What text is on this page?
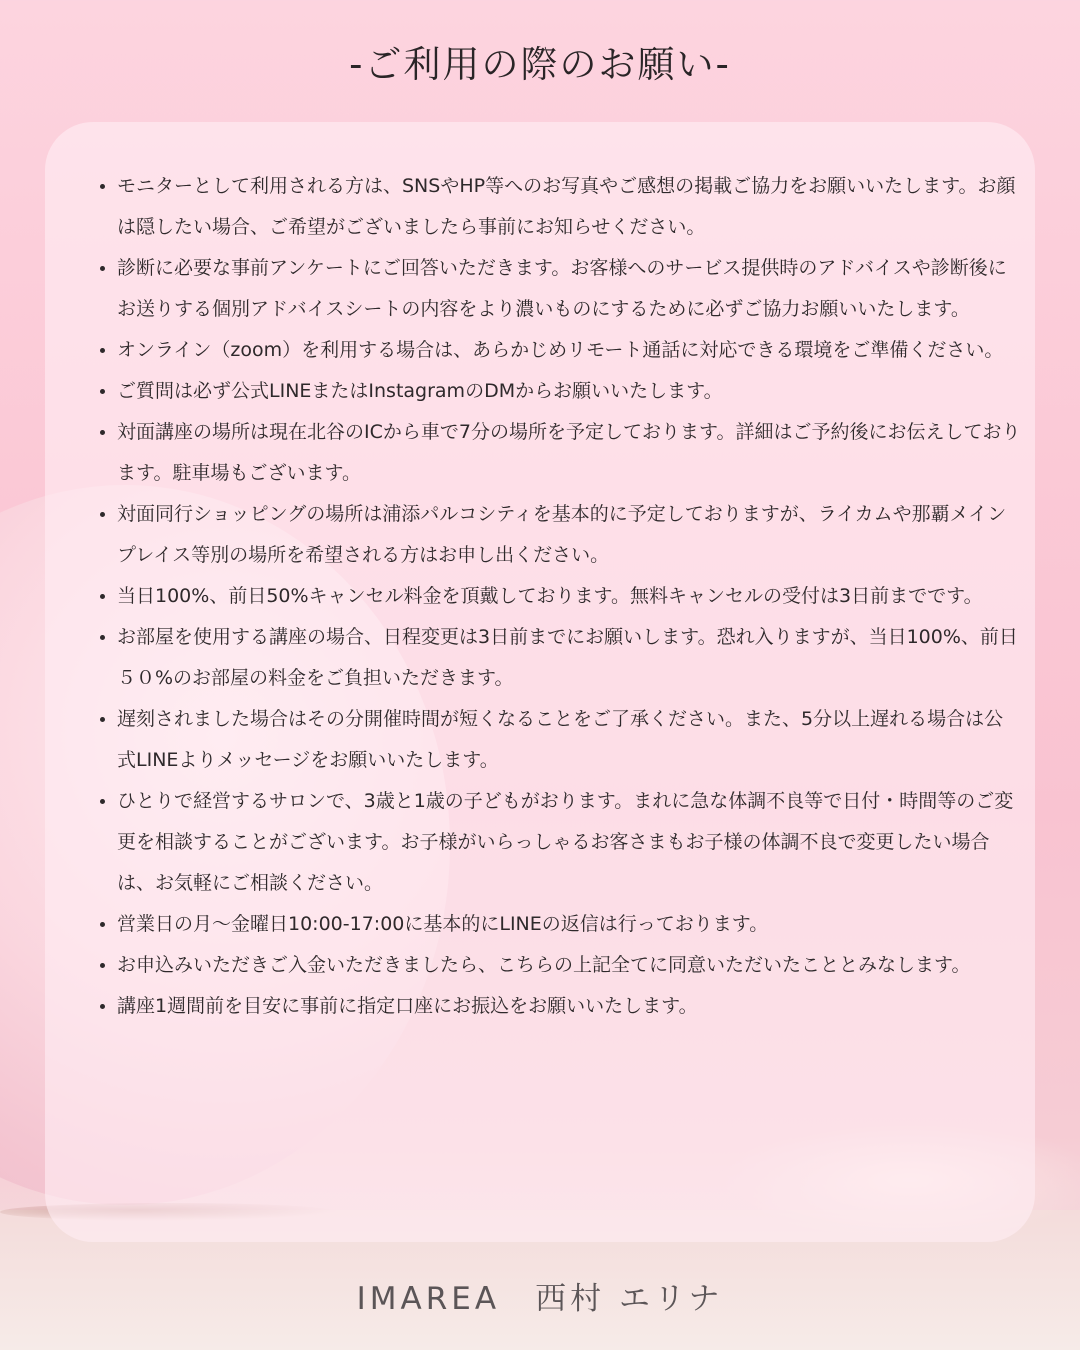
-ご利用の際のお願い-
• モニターとして利用される方は、SNSやHP等へのお写真やご感想の掲載ご協力をお願いいたします。お顔は隠したい場合、ご希望がございましたら事前にお知らせください。
• 診断に必要な事前アンケートにご回答いただきます。お客様へのサービス提供時のアドバイスや診断後にお送りする個別アドバイスシートの内容をより濃いものにするために必ずご協力お願いいたします。
• オンライン（zoom）を利用する場合は、あらかじめリモート通話に対応できる環境をご準備ください。
• ご質問は必ず公式LINEまたはInstagramのDMからお願いいたします。
• 対面講座の場所は現在北谷のICから車で7分の場所を予定しております。詳細はご予約後にお伝えしております。駐車場もございます。
• 対面同行ショッピングの場所は浦添パルコシティを基本的に予定しておりますが、ライカムや那覇メインプレイス等別の場所を希望される方はお申し出ください。
• 当日100%、前日50%キャンセル料金を頂戴しております。無料キャンセルの受付は3日前までです。
• お部屋を使用する講座の場合、日程変更は3日前までにお願いします。恐れ入りますが、当日100%、前日５０%のお部屋の料金をご負担いただきます。
• 遅刻されました場合はその分開催時間が短くなることをご了承ください。また、5分以上遅れる場合は公式LINEよりメッセージをお願いいたします。
• ひとりで経営するサロンで、3歳と1歳の子どもがおります。まれに急な体調不良等で日付・時間等のご変更を相談することがございます。お子様がいらっしゃるお客さまもお子様の体調不良で変更したい場合は、お気軽にご相談ください。
• 営業日の月〜金曜日10:00-17:00に基本的にLINEの返信は行っております。
• お申込みいただきご入金いただきましたら、こちらの上記全てに同意いただいたこととみなします。
• 講座1週間前を目安に事前に指定口座にお振込をお願いいたします。
IMAREA　西村 エリナ
